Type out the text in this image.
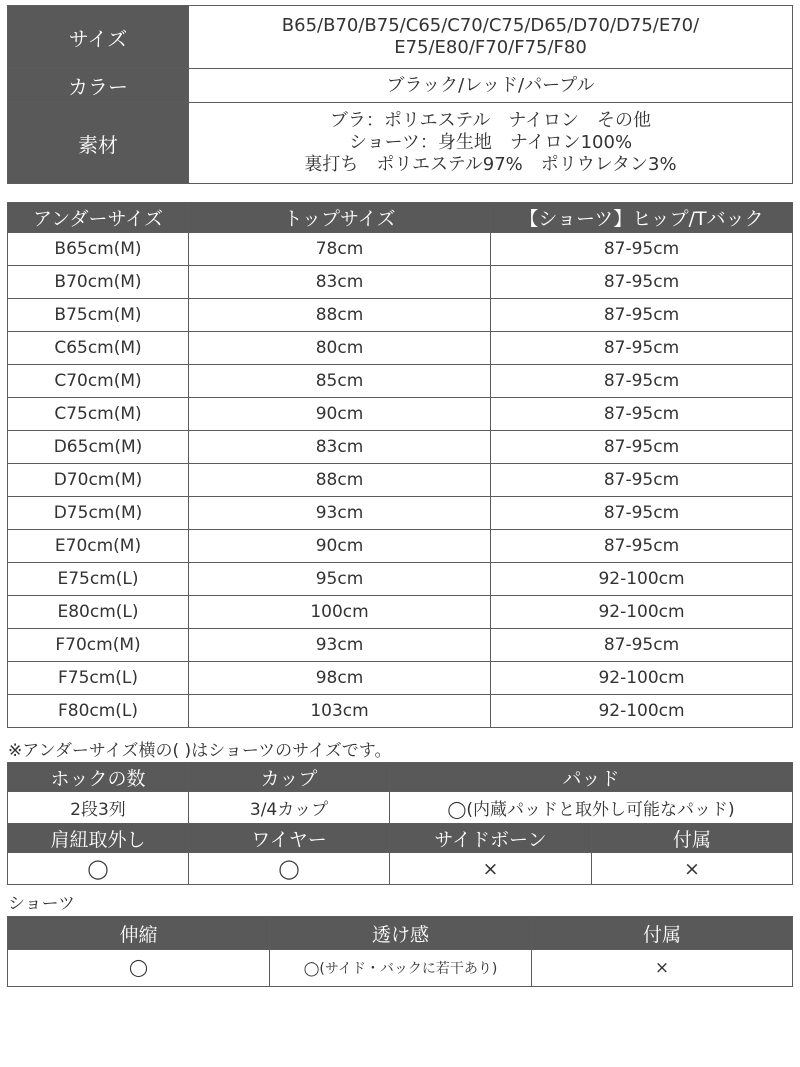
サイズ	B65/B70/B75/C65/C70/C75/D65/D70/D75/E70/
E75/E80/F70/F75/F80

カラー	ブラック/レッド/パープル
素材	ブラ：ポリエステル　ナイロン　その他
ショーツ：身生地　ナイロン100%
裏打ち　ポリエステル97%　ポリウレタン3%
アンダーサイズ	トップサイズ	【ショーツ】ヒップ/Tバック
B65cm(M)	78cm	87-95cm
B70cm(M)	83cm	87-95cm
B75cm(M)	88cm	87-95cm
C65cm(M)	80cm	87-95cm
C70cm(M)	85cm	87-95cm
C75cm(M)	90cm	87-95cm
D65cm(M)	83cm	87-95cm
D70cm(M)	88cm	87-95cm
D75cm(M)	93cm	87-95cm
E70cm(M)	90cm	87-95cm
E75cm(L)	95cm	92-100cm
E80cm(L)	100cm	92-100cm
F70cm(M)	93cm	87-95cm
F75cm(L)	98cm	92-100cm
F80cm(L)	103cm	92-100cm
※アンダーサイズ横の( )はショーツのサイズです。
ホックの数	カップ	パッド
2段3列	3/4カップ	◯(内蔵パッドと取外し可能なパッド)
肩紐取外し	ワイヤー	サイドボーン	付属
◯	◯	×	×
ショーツ
伸縮	透け感	付属
◯	◯(サイド・バックに若干あり)	×
